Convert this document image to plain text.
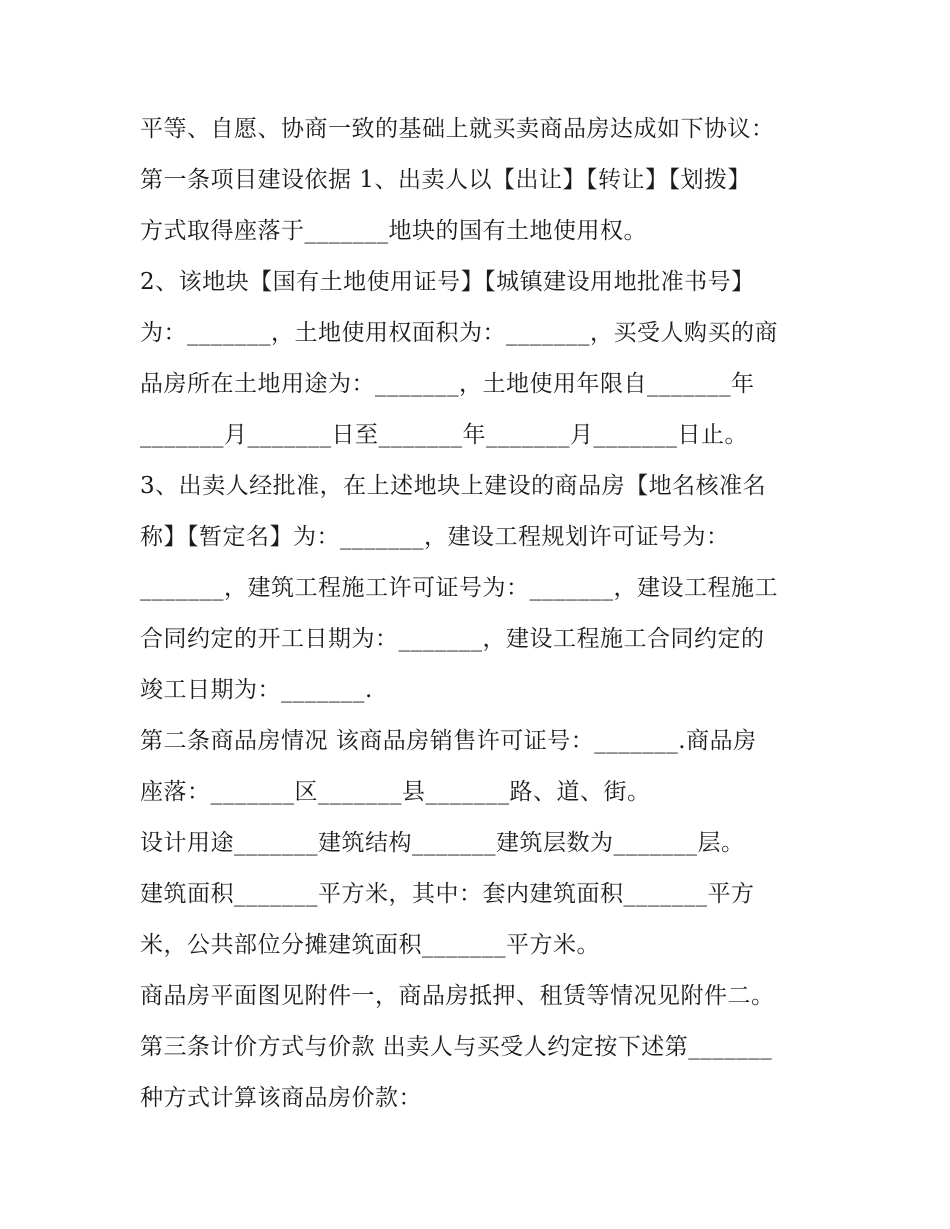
平等、自愿、协商一致的基础上就买卖商品房达成如下协议：
第一条项目建设依据 1、出卖人以【出让】【转让】【划拨】
方式取得座落于_______地块的国有土地使用权。
2、该地块【国有土地使用证号】【城镇建设用地批准书号】
为：_______，土地使用权面积为：_______，买受人购买的商
品房所在土地用途为：_______，土地使用年限自_______年
_______月_______日至_______年_______月_______日止。
3、出卖人经批准，在上述地块上建设的商品房【地名核准名
称】【暂定名】为：_______，建设工程规划许可证号为：
_______，建筑工程施工许可证号为：_______，建设工程施工
合同约定的开工日期为：_______，建设工程施工合同约定的
竣工日期为：_______.
第二条商品房情况 该商品房销售许可证号：_______.商品房
座落：_______区_______县_______路、道、街。
设计用途_______建筑结构_______建筑层数为_______层。
建筑面积_______平方米，其中：套内建筑面积_______平方
米，公共部位分摊建筑面积_______平方米。
商品房平面图见附件一，商品房抵押、租赁等情况见附件二。
第三条计价方式与价款 出卖人与买受人约定按下述第_______
种方式计算该商品房价款：
